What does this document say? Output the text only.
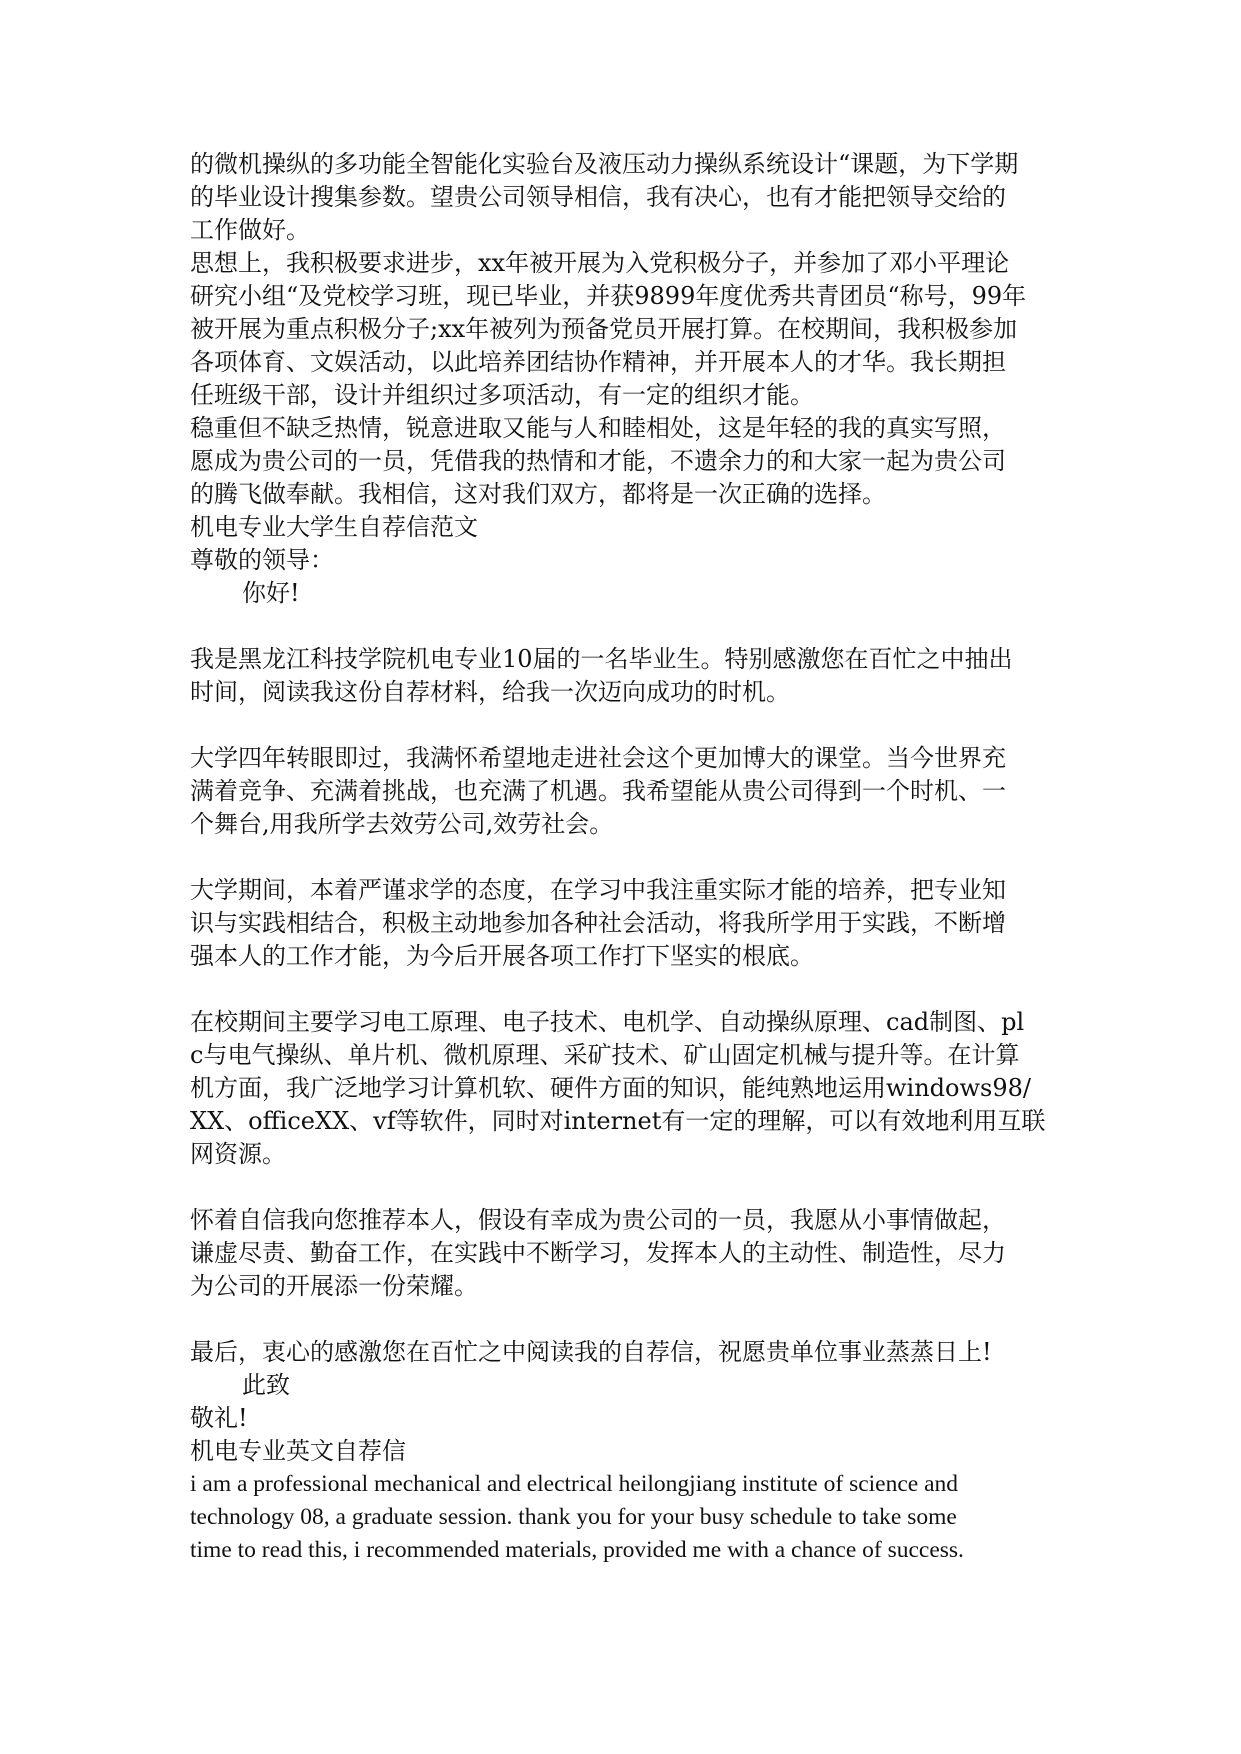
的微机操纵的多功能全智能化实验台及液压动力操纵系统设计“课题，为下学期
的毕业设计搜集参数。望贵公司领导相信，我有决心，也有才能把领导交给的
工作做好。
思想上，我积极要求进步，xx年被开展为入党积极分子，并参加了邓小平理论
研究小组“及党校学习班，现已毕业，并获9899年度优秀共青团员“称号，99年
被开展为重点积极分子;xx年被列为预备党员开展打算。在校期间，我积极参加
各项体育、文娱活动，以此培养团结协作精神，并开展本人的才华。我长期担
任班级干部，设计并组织过多项活动，有一定的组织才能。
稳重但不缺乏热情，锐意进取又能与人和睦相处，这是年轻的我的真实写照，
愿成为贵公司的一员，凭借我的热情和才能，不遗余力的和大家一起为贵公司
的腾飞做奉献。我相信，这对我们双方，都将是一次正确的选择。
机电专业大学生自荐信范文
尊敬的领导：
你好!
我是黑龙江科技学院机电专业10届的一名毕业生。特别感激您在百忙之中抽出
时间，阅读我这份自荐材料，给我一次迈向成功的时机。
大学四年转眼即过，我满怀希望地走进社会这个更加博大的课堂。当今世界充
满着竞争、充满着挑战，也充满了机遇。我希望能从贵公司得到一个时机、一
个舞台,用我所学去效劳公司,效劳社会。
大学期间，本着严谨求学的态度，在学习中我注重实际才能的培养，把专业知
识与实践相结合，积极主动地参加各种社会活动，将我所学用于实践，不断增
强本人的工作才能，为今后开展各项工作打下坚实的根底。
在校期间主要学习电工原理、电子技术、电机学、自动操纵原理、cad制图、pl
c与电气操纵、单片机、微机原理、采矿技术、矿山固定机械与提升等。在计算
机方面，我广泛地学习计算机软、硬件方面的知识，能纯熟地运用windows98/
XX、officeXX、vf等软件，同时对internet有一定的理解，可以有效地利用互联
网资源。
怀着自信我向您推荐本人，假设有幸成为贵公司的一员，我愿从小事情做起，
谦虚尽责、勤奋工作，在实践中不断学习，发挥本人的主动性、制造性，尽力
为公司的开展添一份荣耀。
最后，衷心的感激您在百忙之中阅读我的自荐信，祝愿贵单位事业蒸蒸日上!
此致
敬礼!
机电专业英文自荐信
i am a professional mechanical and electrical heilongjiang institute of science and
technology 08, a graduate session. thank you for your busy schedule to take some
time to read this, i recommended materials, provided me with a chance of success.
